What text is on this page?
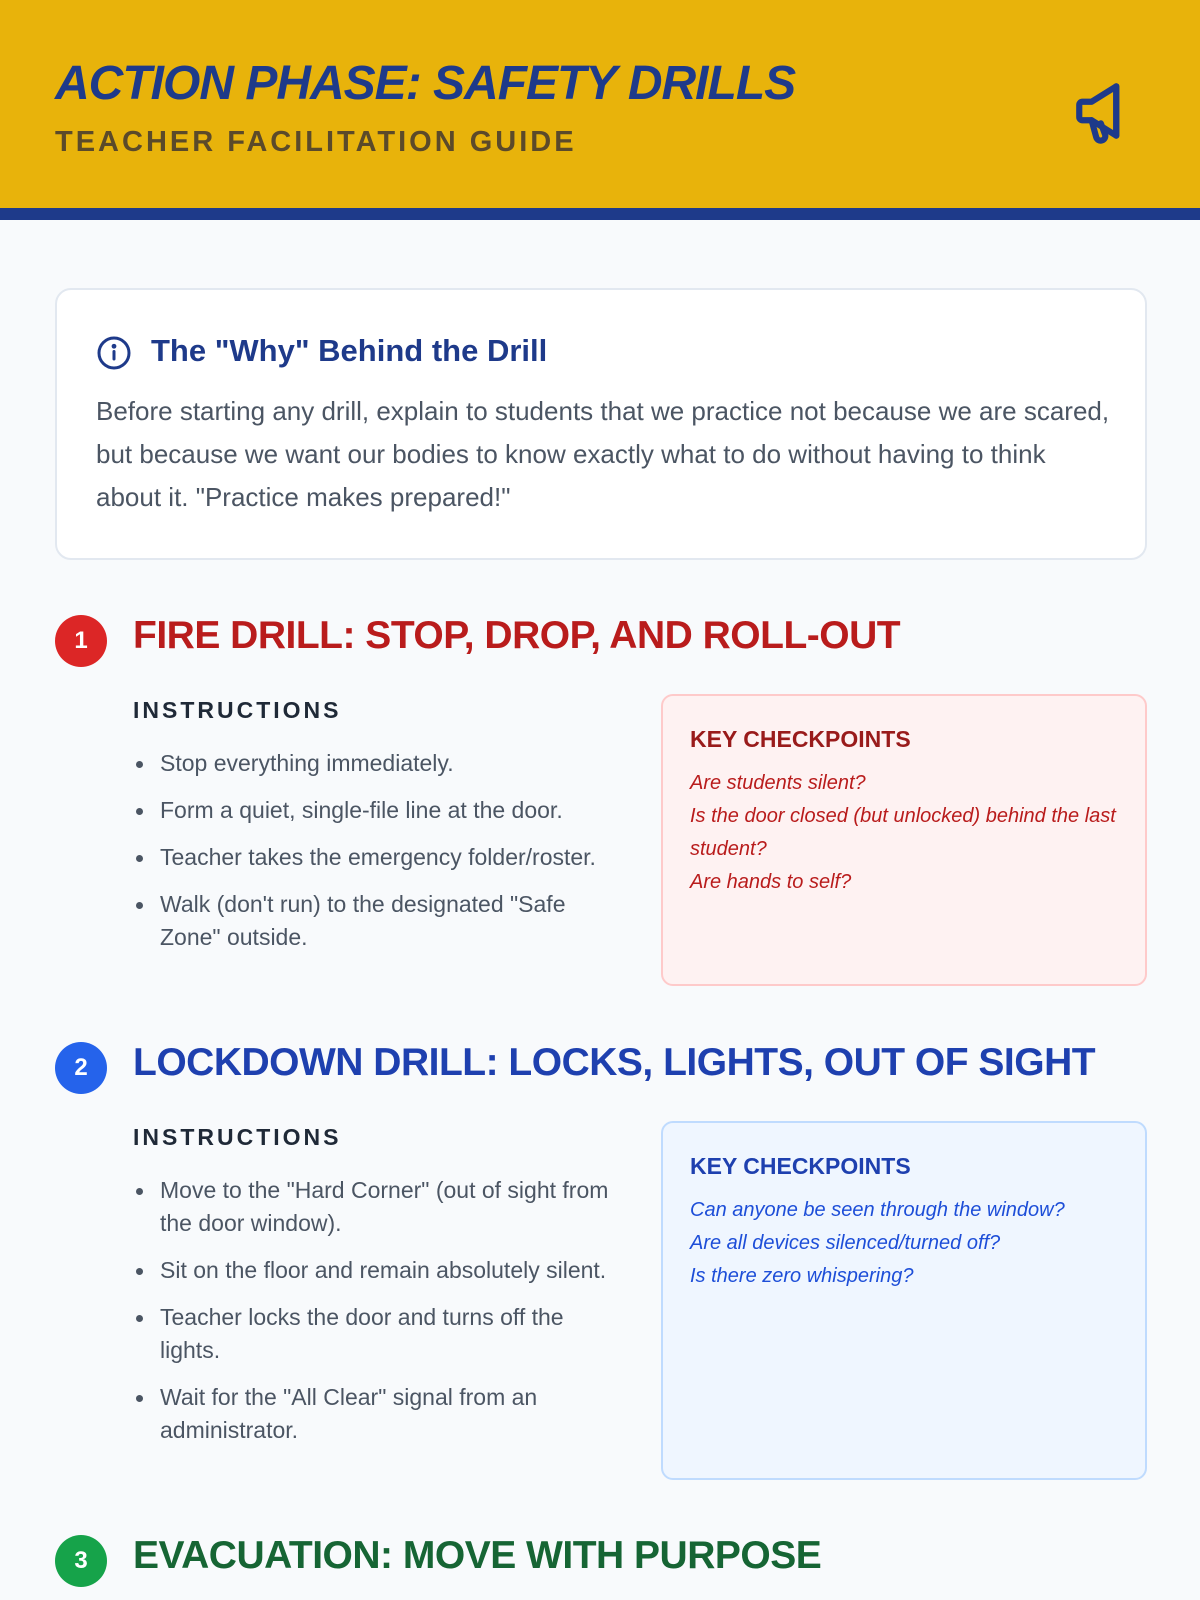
ACTION PHASE: SAFETY DRILLS
TEACHER FACILITATION GUIDE
The "Why" Behind the Drill
Before starting any drill, explain to students that we practice not because we are scared, but because we want our bodies to know exactly what to do without having to think about it. "Practice makes prepared!"
1	FIRE DRILL: STOP, DROP, AND ROLL-OUT
INSTRUCTIONS
Stop everything immediately.
Form a quiet, single-file line at the door.
Teacher takes the emergency folder/roster.
Walk (don't run) to the designated "Safe Zone" outside.
KEY CHECKPOINTS
Are students silent?
Is the door closed (but unlocked) behind the last student?
Are hands to self?
2	LOCKDOWN DRILL: LOCKS, LIGHTS, OUT OF SIGHT
INSTRUCTIONS
Move to the "Hard Corner" (out of sight from the door window).
Sit on the floor and remain absolutely silent.
Teacher locks the door and turns off the lights.
Wait for the "All Clear" signal from an administrator.
KEY CHECKPOINTS
Can anyone be seen through the window?
Are all devices silenced/turned off?
Is there zero whispering?
3	EVACUATION: MOVE WITH PURPOSE
